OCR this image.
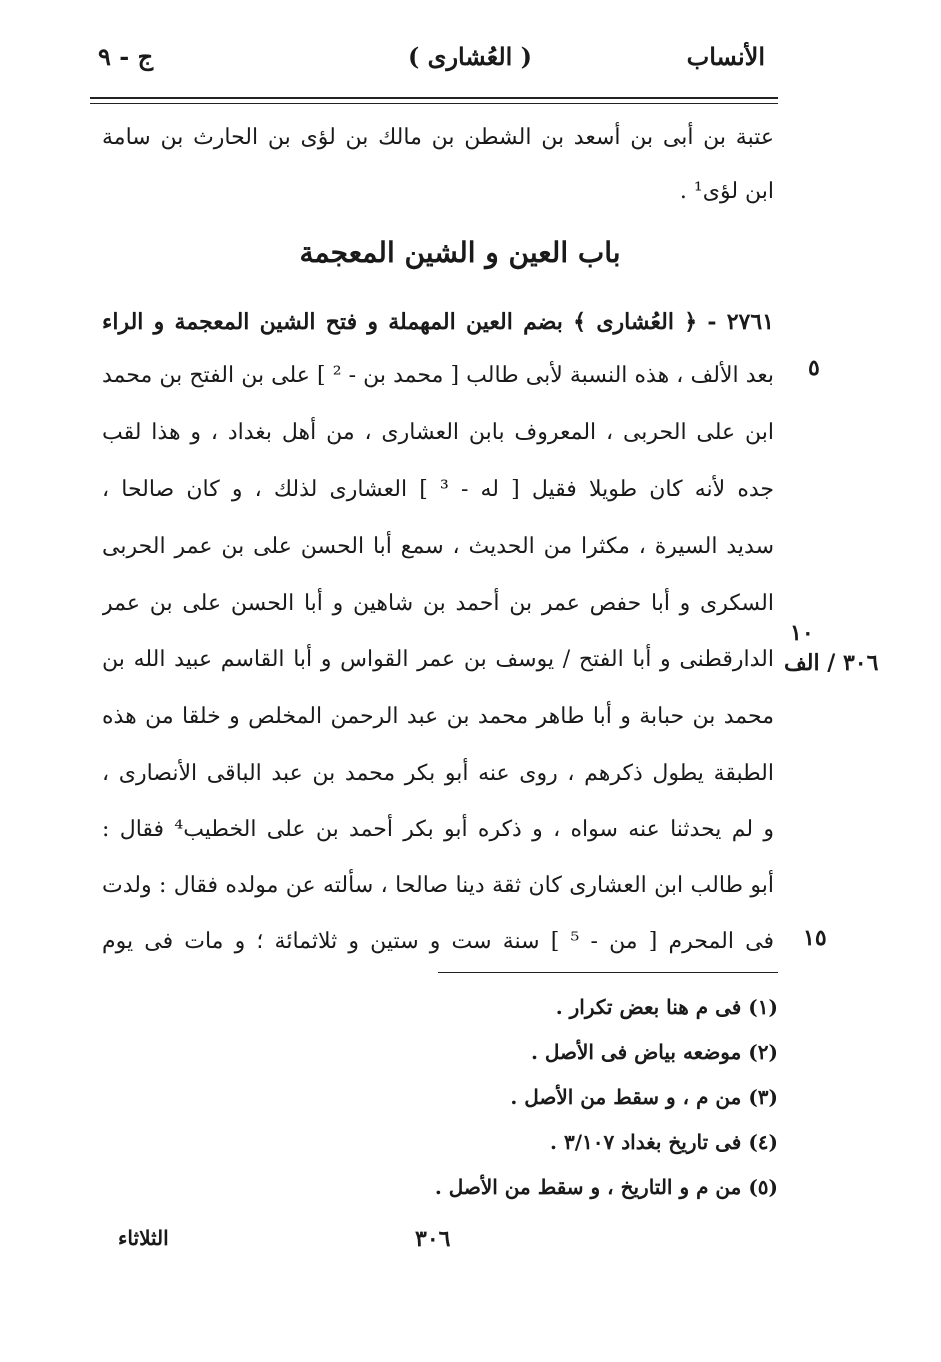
الأنساب
( العُشارى )
ج - ٩
عتبة بن أبى بن أسعد بن الشطن بن مالك بن لؤى بن الحارث بن سامة
ابن لؤى¹ .
باب العين و الشين المعجمة
٢٧٦١ - ﴿ العُشارى ﴾ بضم العين المهملة و فتح الشين المعجمة و الراء
بعد الألف ، هذه النسبة لأبى طالب [ محمد بن - ² ] على بن الفتح بن محمد
ابن على الحربى ، المعروف بابن العشارى ، من أهل بغداد ، و هذا لقب
جده لأنه كان طويلا فقيل [ له - ³ ] العشارى لذلك ، و كان صالحا ،
سديد السيرة ، مكثرا من الحديث ، سمع أبا الحسن على بن عمر الحربى
السكرى و أبا حفص عمر بن أحمد بن شاهين و أبا الحسن على بن عمر
الدارقطنى و أبا الفتح / يوسف بن عمر القواس و أبا القاسم عبيد الله بن
محمد بن حبابة و أبا طاهر محمد بن عبد الرحمن المخلص و خلقا من هذه
الطبقة يطول ذكرهم ، روى عنه أبو بكر محمد بن عبد الباقى الأنصارى ،
و لم يحدثنا عنه سواه ، و ذكره أبو بكر أحمد بن على الخطيب⁴ فقال :
أبو طالب ابن العشارى كان ثقة دينا صالحا ، سألته عن مولده فقال : ولدت
فى المحرم [ من - ⁵ ] سنة ست و ستين و ثلاثمائة ؛ و مات فى يوم
٥
١٠
٣٠٦ / الف
١٥
(١) فى م هنا بعض تكرار .
(٢) موضعه بياض فى الأصل .
(٣) من م ، و سقط من الأصل .
(٤) فى تاريخ بغداد ٣/١٠٧ .
(٥) من م و التاريخ ، و سقط من الأصل .
٣٠٦
الثلاثاء
